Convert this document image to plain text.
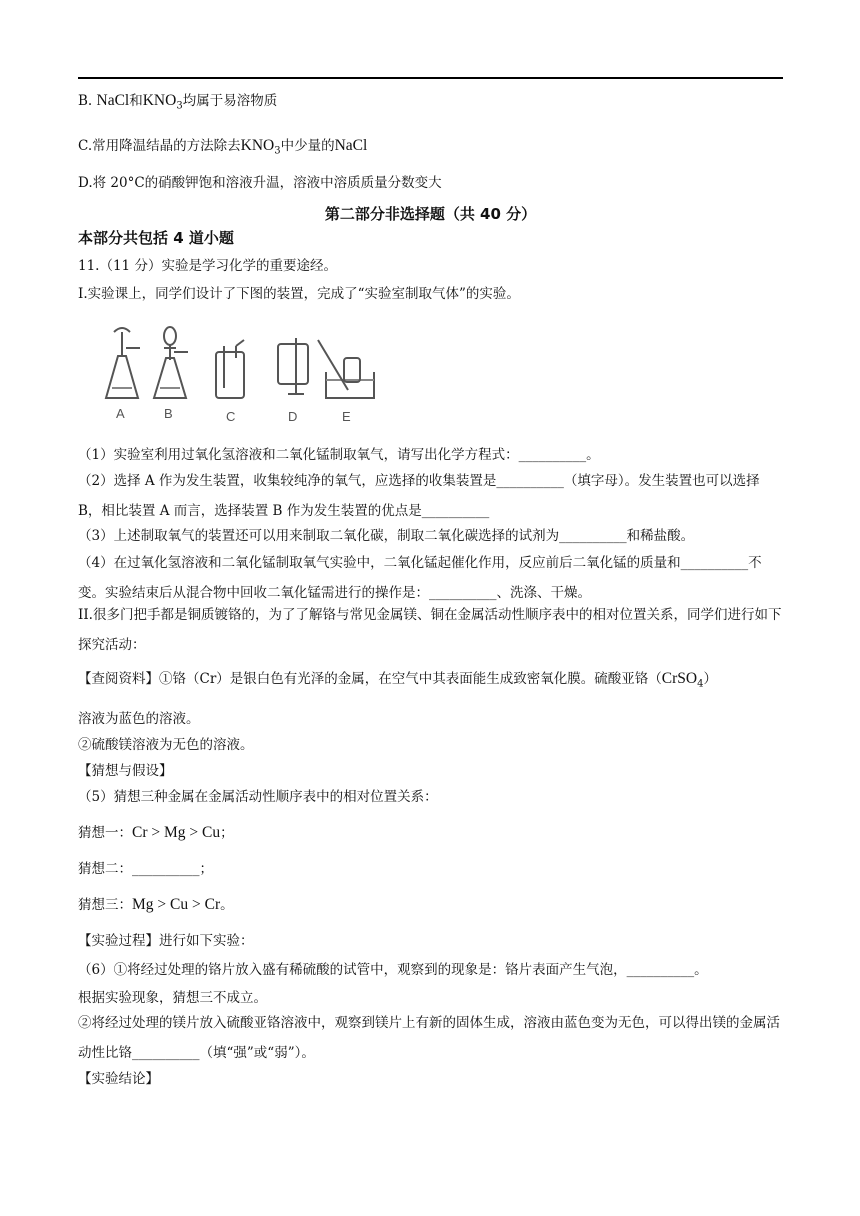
B. NaCl和$KNO_3$均属于易溶物质
C.常用降温结晶的方法除去$KNO_3$中少量的NaCl
D.将 20°C的硝酸钾饱和溶液升温，溶液中溶质质量分数变大
第二部分非选择题（共 40 分）
本部分共包括 4 道小题
11.（11 分）实验是学习化学的重要途经。
I.实验课上，同学们设计了下图的装置，完成了“实验室制取气体”的实验。
A	B	C	D	E
（1）实验室利用过氧化氢溶液和二氧化锰制取氧气，请写出化学方程式：__________。
（2）选择 A 作为发生装置，收集较纯净的氧气，应选择的收集装置是__________（填字母）。发生装置也可以选择 B，相比装置 A 而言，选择装置 B 作为发生装置的优点是__________
（3）上述制取氧气的装置还可以用来制取二氧化碳，制取二氧化碳选择的试剂为__________和稀盐酸。
（4）在过氧化氢溶液和二氧化锰制取氧气实验中，二氧化锰起催化作用，反应前后二氧化锰的质量和__________不变。实验结束后从混合物中回收二氧化锰需进行的操作是：__________、洗涤、干燥。
II.很多门把手都是铜质镀铬的，为了了解铬与常见金属镁、铜在金属活动性顺序表中的相对位置关系，同学们进行如下探究活动：
【查阅资料】①铬（Cr）是银白色有光泽的金属，在空气中其表面能生成致密氧化膜。硫酸亚铬（CrSO$_4$）
溶液为蓝色的溶液。
②硫酸镁溶液为无色的溶液。
【猜想与假设】
（5）猜想三种金属在金属活动性顺序表中的相对位置关系：
猜想一：Cr > Mg > Cu；
猜想二：__________；
猜想三：Mg > Cu > Cr。
【实验过程】进行如下实验：
（6）①将经过处理的铬片放入盛有稀硫酸的试管中，观察到的现象是：铬片表面产生气泡，__________。
根据实验现象，猜想三不成立。
②将经过处理的镁片放入硫酸亚铬溶液中，观察到镁片上有新的固体生成，溶液由蓝色变为无色，可以得出镁的金属活动性比铬__________（填“强”或“弱”）。
【实验结论】
